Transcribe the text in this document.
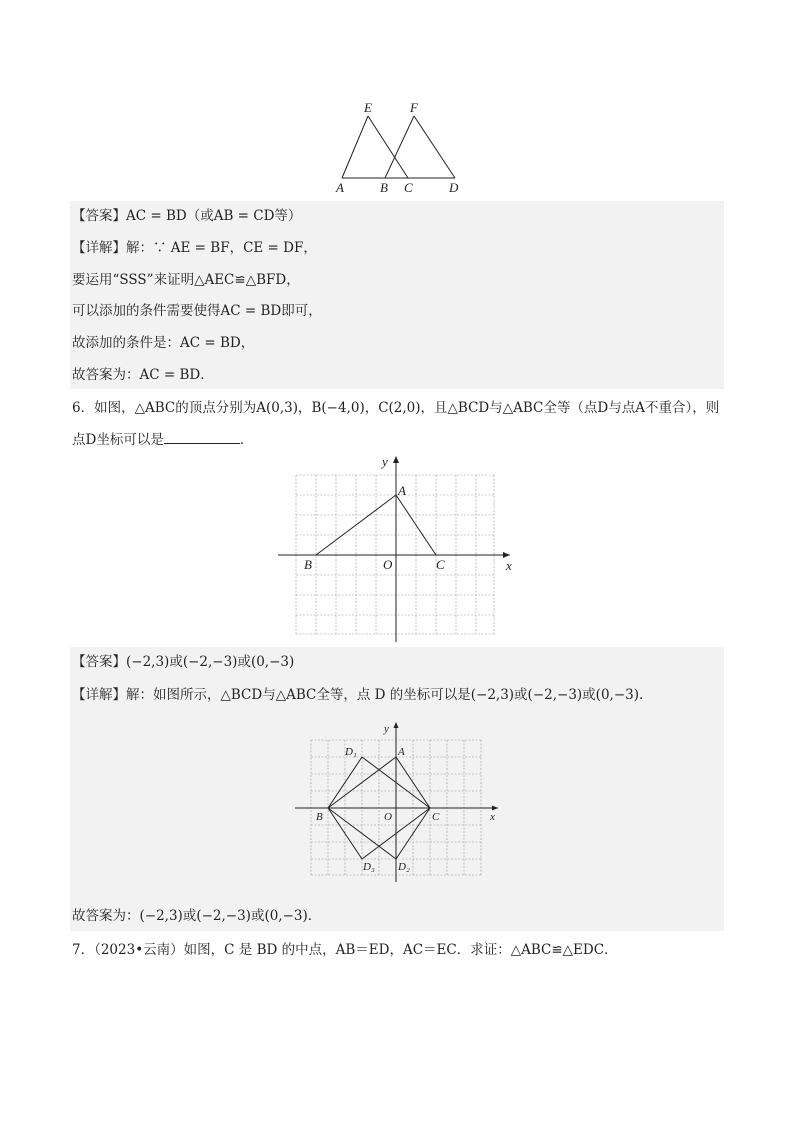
E	F
A	B C	D
【答案】AC = BD（或AB = CD等）
【详解】解：∵ AE = BF，CE = DF，
要运用“SSS”来证明△AEC≌△BFD，
可以添加的条件需要使得AC = BD即可，
故添加的条件是：AC = BD，
故答案为：AC = BD．
6．如图，△ABC的顶点分别为A(0,3)，B(−4,0)，C(2,0)，且△BCD与△ABC全等（点D与点A不重合），则
点D坐标可以是	．
y
x
A
B	O	C
【答案】(−2,3)或(−2,−3)或(0,−3)
【详解】解：如图所示，△BCD与△ABC全等，点 D 的坐标可以是(−2,3)或(−2,−3)或(0,−3)．
y
x
A
D₁
B	O	C
D₃ D₂
故答案为：(−2,3)或(−2,−3)或(0,−3)．
7．（2023•云南）如图，C 是 BD 的中点，AB＝ED，AC＝EC．求证：△ABC≌△EDC．
